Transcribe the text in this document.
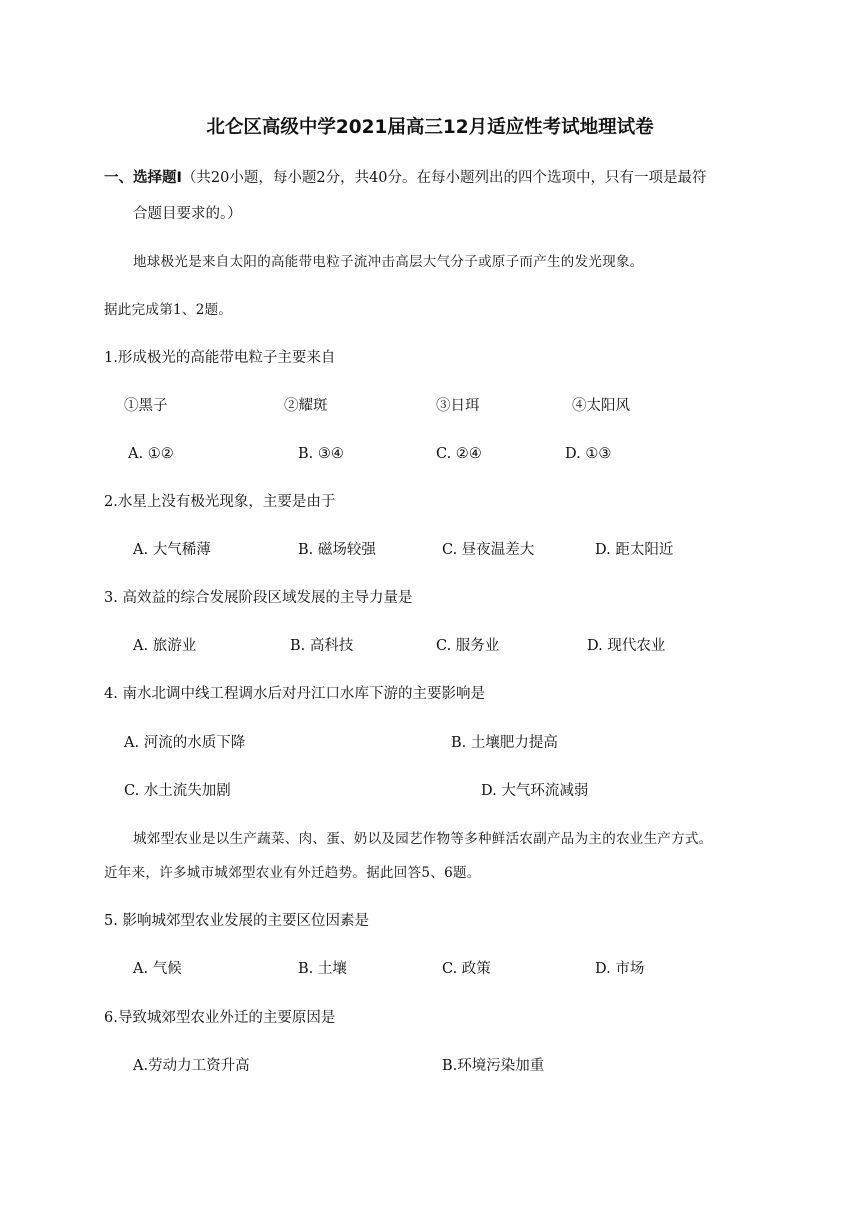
北仑区高级中学2021届高三12月适应性考试地理试卷
一、选择题Ⅰ（共20小题，每小题2分，共40分。在每小题列出的四个选项中，只有一项是最符
合题目要求的。）
地球极光是来自太阳的高能带电粒子流冲击高层大气分子或原子而产生的发光现象。
据此完成第1、2题。
1.形成极光的高能带电粒子主要来自
①黑子	②耀斑	③日珥	④太阳风
A. ①②	B. ③④	C. ②④	D. ①③
2.水星上没有极光现象，主要是由于
A. 大气稀薄	B. 磁场较强	C. 昼夜温差大	D. 距太阳近
3. 高效益的综合发展阶段区域发展的主导力量是
A. 旅游业	B. 高科技	C. 服务业	D. 现代农业
4. 南水北调中线工程调水后对丹江口水库下游的主要影响是
A. 河流的水质下降	B. 土壤肥力提高
C. 水土流失加剧	D. 大气环流减弱
城郊型农业是以生产蔬菜、肉、蛋、奶以及园艺作物等多种鲜活农副产品为主的农业生产方式。
近年来，许多城市城郊型农业有外迁趋势。据此回答5、6题。
5. 影响城郊型农业发展的主要区位因素是
A. 气候	B. 土壤	C. 政策	D. 市场
6.导致城郊型农业外迁的主要原因是
A.劳动力工资升高	B.环境污染加重
